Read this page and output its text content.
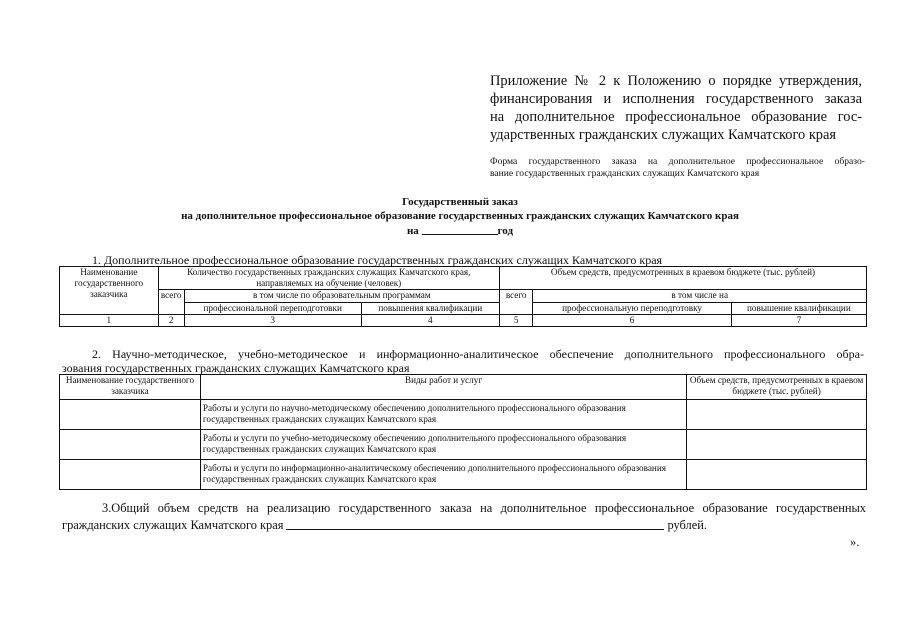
Приложение № 2 к Положению о порядке утверждения,

финансирования и исполнения государственного заказа

на дополнительное профессиональное образование гос-

ударственных гражданских служащих Камчатского края

Форма государственного заказа на дополнительное профессиональное образо-

вание государственных гражданских служащих Камчатского края

Государственный заказ
на дополнительное профессиональное образование государственных гражданских служащих Камчатского края
на	год
1. Дополнительное профессиональное образование государственных гражданских служащих Камчатского края
Наименование государственного заказчика	Количество государственных гражданских служащих Камчатского края, направляемых на обучение (человек)			Объем средств, предусмотренных в краевом бюджете (тыс. рублей)		
	всего	в том числе по образовательным программам		всего	в том числе на	
		профессиональной переподготовки	повышения квалификации		профессиональную переподготовку	повышение квалификации
1	2	3	4	5	6	7

2. Научно-методическое, учебно-методическое и информационно-аналитическое обеспечение дополнительного профессионального обра-

зования государственных гражданских служащих Камчатского края

Наименование государственного заказчика	Виды работ и услуг	Объем средств, предусмотренных в краевом бюджете (тыс. рублей)
	Работы и услуги по научно-методическому обеспечению дополнительного профессионального образования государственных гражданских служащих Камчатского края	
	Работы и услуги по учебно-методическому обеспечению дополнительного профессионального образования государственных гражданских служащих Камчатского края	
	Работы и услуги по информационно-аналитическому обеспечению дополнительного профессионального образования государственных гражданских служащих Камчатского края	
3.Общий объем средств на реализацию государственного заказа на дополнительное профессиональное образование государственных
гражданских служащих Камчатского края	рублей.
».
